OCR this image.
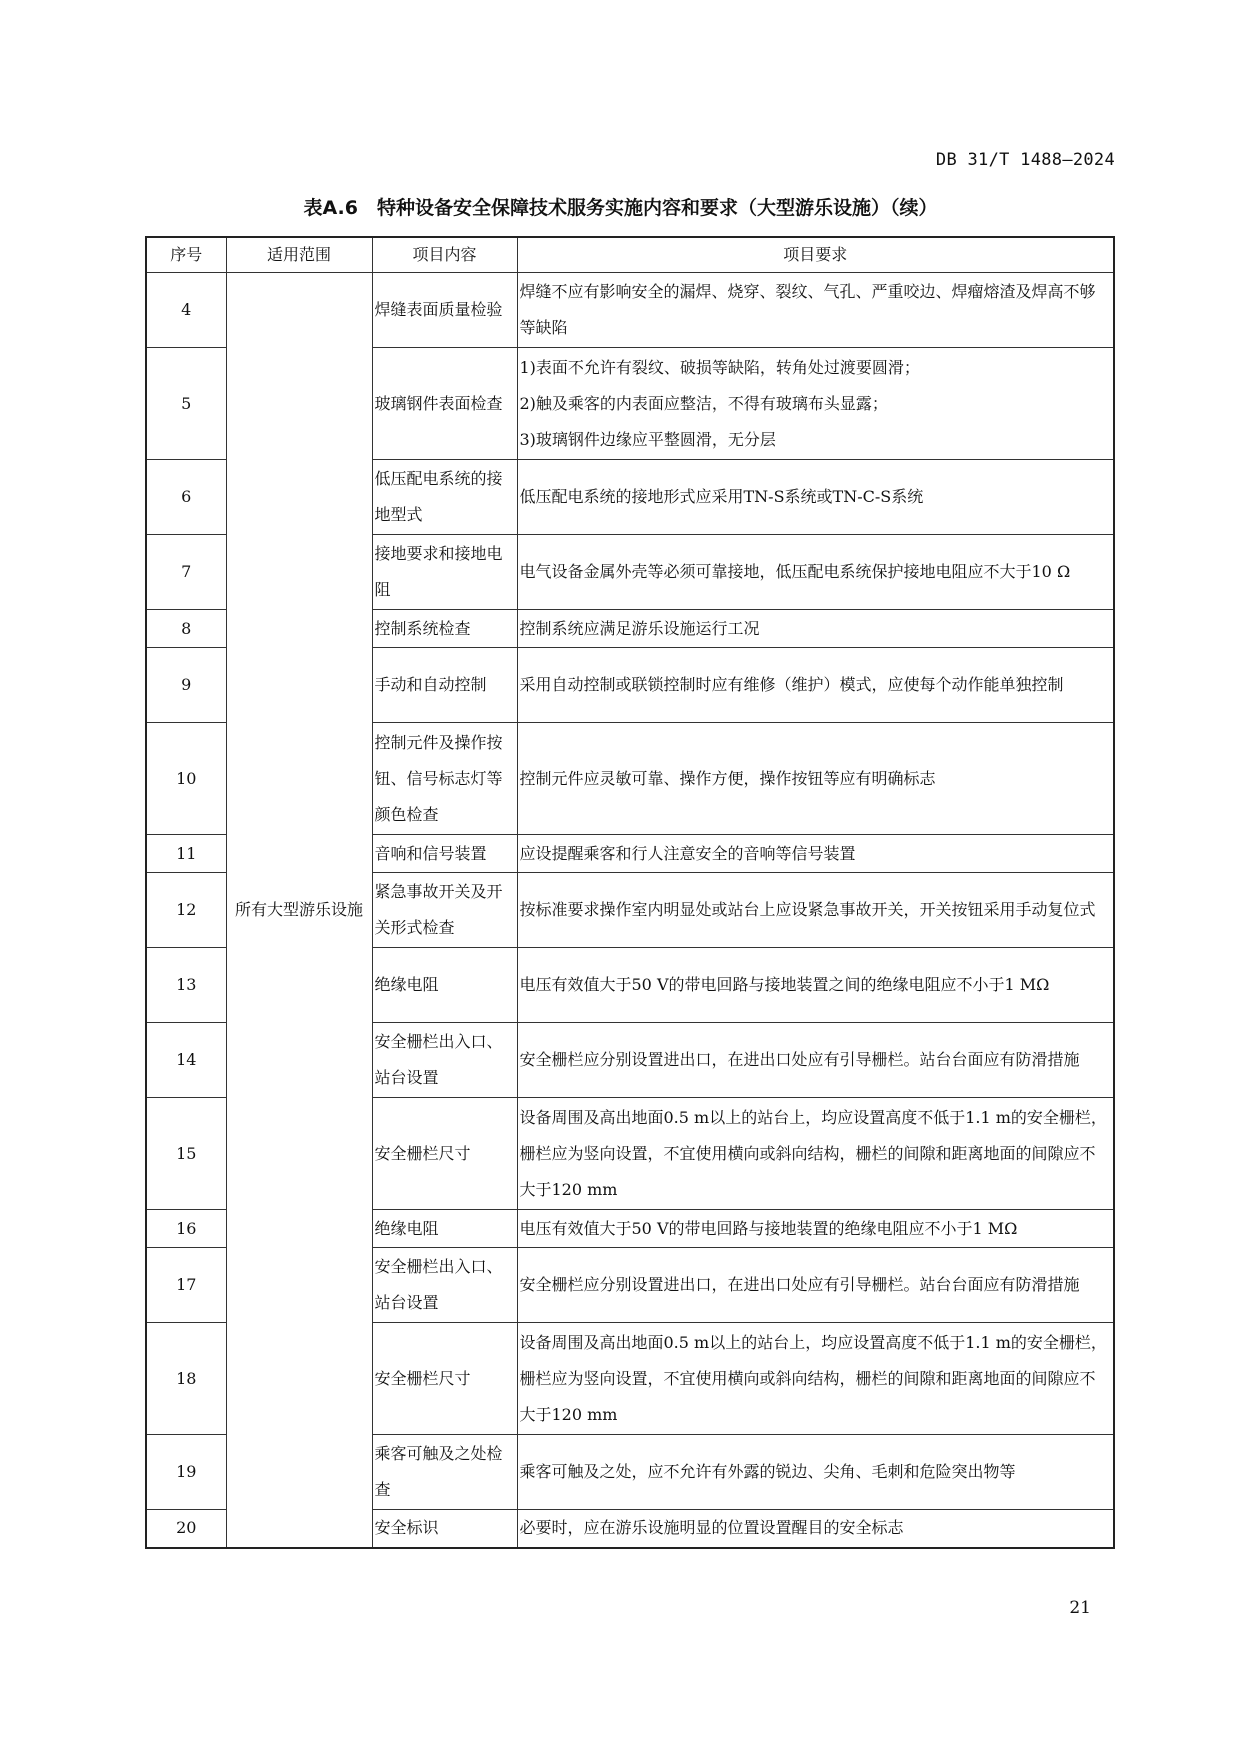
DB 31/T 1488—2024
表A.6　特种设备安全保障技术服务实施内容和要求（大型游乐设施）（续）
序号	适用范围	项目内容	项目要求
4	所有大型游乐设施	焊缝表面质量检验	焊缝不应有影响安全的漏焊、烧穿、裂纹、气孔、严重咬边、焊瘤熔渣及焊高不够等缺陷
5		玻璃钢件表面检查	1)表面不允许有裂纹、破损等缺陷，转角处过渡要圆滑；
2)触及乘客的内表面应整洁，不得有玻璃布头显露；
3)玻璃钢件边缘应平整圆滑，无分层

6		低压配电系统的接地型式	低压配电系统的接地形式应采用TN-S系统或TN-C-S系统
7		接地要求和接地电阻	电气设备金属外壳等必须可靠接地，低压配电系统保护接地电阻应不大于10 Ω
8		控制系统检查	控制系统应满足游乐设施运行工况
9		手动和自动控制	采用自动控制或联锁控制时应有维修（维护）模式，应使每个动作能单独控制
10		控制元件及操作按钮、信号标志灯等颜色检查	控制元件应灵敏可靠、操作方便，操作按钮等应有明确标志
11		音响和信号装置	应设提醒乘客和行人注意安全的音响等信号装置
12		紧急事故开关及开关形式检查	按标准要求操作室内明显处或站台上应设紧急事故开关，开关按钮采用手动复位式
13		绝缘电阻	电压有效值大于50 V的带电回路与接地装置之间的绝缘电阻应不小于1 MΩ
14		安全栅栏出入口、站台设置	安全栅栏应分别设置进出口，在进出口处应有引导栅栏。站台台面应有防滑措施
15		安全栅栏尺寸	设备周围及高出地面0.5 m以上的站台上，均应设置高度不低于1.1 m的安全栅栏，栅栏应为竖向设置，不宜使用横向或斜向结构，栅栏的间隙和距离地面的间隙应不大于120 mm
16		绝缘电阻	电压有效值大于50 V的带电回路与接地装置的绝缘电阻应不小于1 MΩ
17		安全栅栏出入口、站台设置	安全栅栏应分别设置进出口，在进出口处应有引导栅栏。站台台面应有防滑措施
18		安全栅栏尺寸	设备周围及高出地面0.5 m以上的站台上，均应设置高度不低于1.1 m的安全栅栏，栅栏应为竖向设置，不宜使用横向或斜向结构，栅栏的间隙和距离地面的间隙应不大于120 mm
19		乘客可触及之处检查	乘客可触及之处，应不允许有外露的锐边、尖角、毛刺和危险突出物等
20		安全标识	必要时，应在游乐设施明显的位置设置醒目的安全标志
21
